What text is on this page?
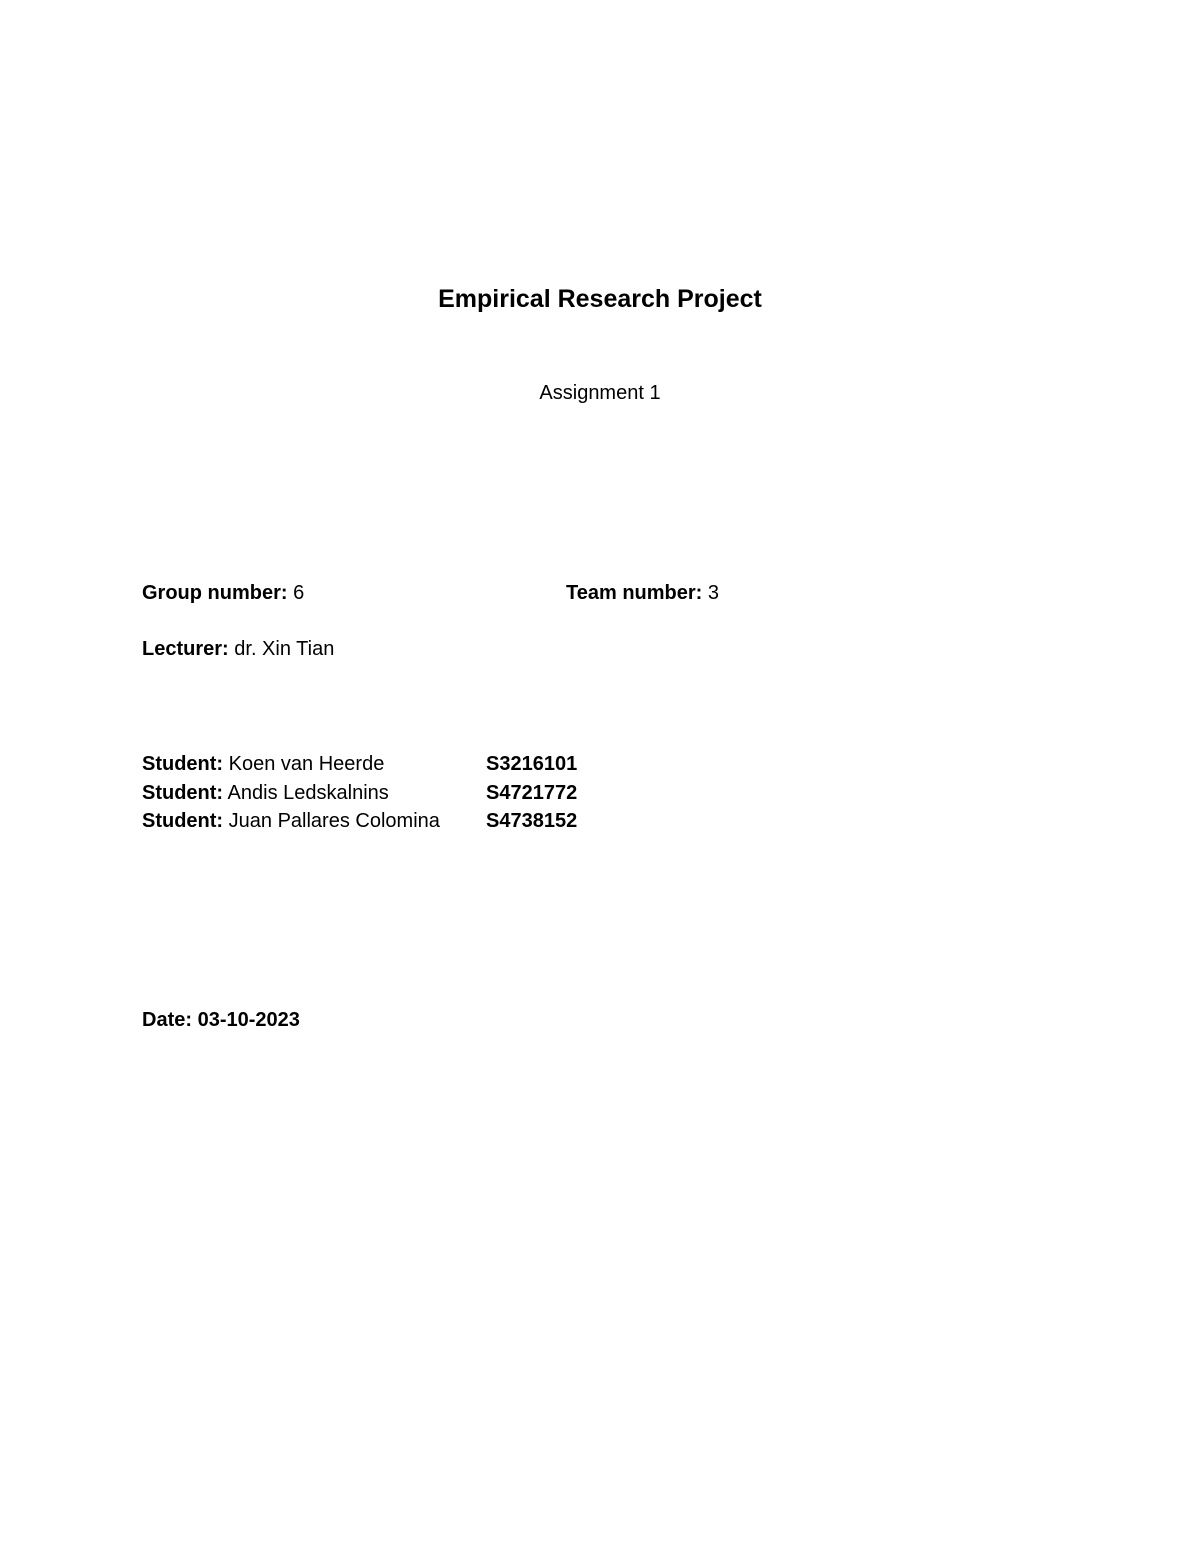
Empirical Research Project
Assignment 1
Group number: 6	Team number: 3
Lecturer: dr. Xin Tian
Student: Koen van Heerde	S3216101
Student: Andis Ledskalnins	S4721772
Student: Juan Pallares Colomina S4738152
Date: 03-10-2023
